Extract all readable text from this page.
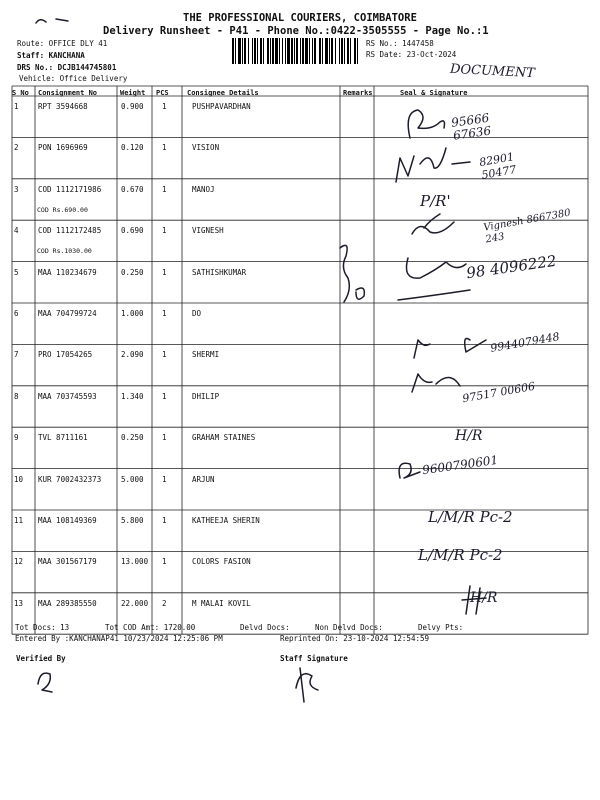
THE PROFESSIONAL COURIERS, COIMBATORE
Delivery Runsheet - P41 - Phone No.:0422-3505555 - Page No.:1
Route: OFFICE DLY 41
Staff: KANCHANA
DRS No.: DCJB144745801
Vehicle: Office Delivery
RS No.: 1447458
RS Date: 23-Oct-2024
DOCUMENT
1	RPT 3594668	0.900 1	PUSHPAVARDHAN
2	PON 1696969	0.120 1	VISION
3	COD 1112171986	0.670 1	MANOJ
COD Rs.690.00
4	COD 1112172485	0.690 1	VIGNESH
COD Rs.1030.00
5	MAA 110234679	0.250 1	SATHISHKUMAR
6	MAA 704799724	1.000 1	DO
7	PRO 17054265	2.090 1	SHERMI
8	MAA 703745593	1.340 1	DHILIP
9	TVL 8711161	0.250 1	GRAHAM STAINES
10 KUR 7002432373	5.000 1	ARJUN
11 MAA 108149369	5.800 1	KATHEEJA SHERIN
12 MAA 301567179	13.000 1	COLORS FASION
13 MAA 289385550	22.000 2	M MALAI KOVIL
S No Consignment No	Weight PCS	Consignee Details	Remarks	Seal & Signature
95666 67636
82901 50477
P/R'
Vignesh 8667380 243
98 4096222
9944079448
97517 00606
H/R
9600790601
L/M/R Pc-2
L/M/R Pc-2
H/R
Tot Docs: 13	Tot COD Amt: 1720.00	Delvd Docs:	Non Delvd Docs:	Delvy Pts:
Entered By :KANCHANAP41 10/23/2024 12:25:06 PM	Reprinted On: 23-10-2024 12:54:59
Verified By	Staff Signature
